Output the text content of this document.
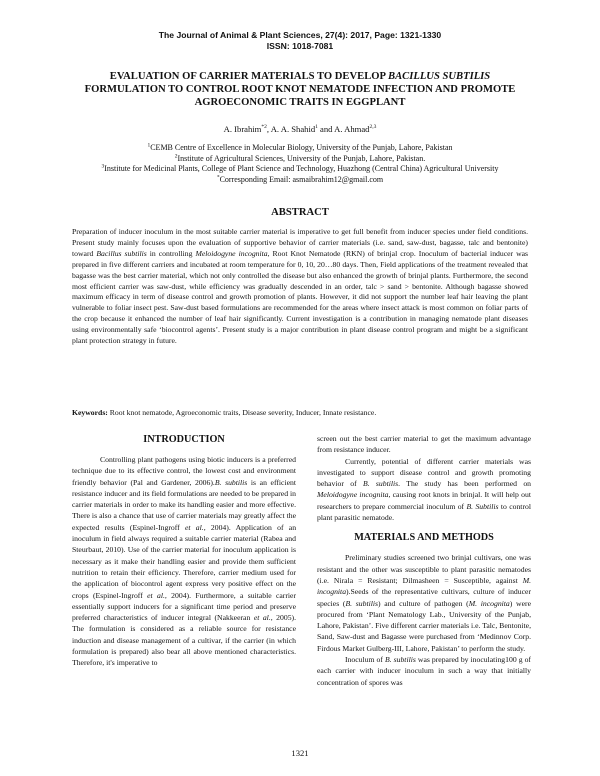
The Journal of Animal & Plant Sciences, 27(4): 2017, Page: 1321-1330
ISSN: 1018-7081
EVALUATION OF CARRIER MATERIALS TO DEVELOP BACILLUS SUBTILIS
FORMULATION TO CONTROL ROOT KNOT NEMATODE INFECTION AND PROMOTE AGROECONOMIC TRAITS IN EGGPLANT
A. Ibrahim$^{*2}$, A. A. Shahid$^1$ and A. Ahmad$^{2,3}$
$^1$CEMB Centre of Excellence in Molecular Biology, University of the Punjab, Lahore, Pakistan
$^2$Institute of Agricultural Sciences, University of the Punjab, Lahore, Pakistan.
$^3$Institute for Medicinal Plants, College of Plant Science and Technology, Huazhong (Central China) Agricultural University
*Corresponding Email: asmaibrahim12@gmail.com
ABSTRACT
Preparation of inducer inoculum in the most suitable carrier material is imperative to get full benefit from inducer species under field conditions. Present study mainly focuses upon the evaluation of supportive behavior of carrier materials (i.e. sand, saw-dust, bagasse, talc and bentonite) toward Bacillus subtilis in controlling Meloidogyne incognita, Root Knot Nematode (RKN) of brinjal crop. Inoculum of bacterial inducer was prepared in five different carriers and incubated at room temperature for 0, 10, 20…80 days. Then, Field applications of the treatment revealed that bagasse was the best carrier material, which not only controlled the disease but also enhanced the growth of brinjal plants. Furthermore, the second most efficient carrier was saw-dust, while efficiency was gradually descended in an order, talc > sand > bentonite. Although bagasse showed maximum efficacy in term of disease control and growth promotion of plants. However, it did not support the number leaf hair leaving the plant vulnerable to foliar insect pest. Saw-dust based formulations are recommended for the areas where insect attack is most common on foliar parts of the crop because it enhanced the number of leaf hair significantly. Current investigation is a contribution in managing nematode plant diseases using environmentally safe ‘biocontrol agents’. Present study is a major contribution in plant disease control program and might be a significant plant protection strategy in future.
Keywords: Root knot nematode, Agroeconomic traits, Disease severity, Inducer, Innate resistance.
INTRODUCTION

Controlling plant pathogens using biotic inducers is a preferred technique due to its effective control, the lowest cost and environment friendly behavior (Pal and Gardener, 2006).B. subtilis is an efficient resistance inducer and its field formulations are needed to be prepared in carrier materials in order to make its handling easier and more effective. There is also a chance that use of carrier materials may greatly affect the expected results (Espinel-Ingroff et al., 2004). Application of an inoculum in field always required a suitable carrier material (Rabea and Steurbaut, 2010). Use of the carrier material for inoculum application is necessary as it make their handling easier and provide them sufficient nutrition to retain their efficiency. Therefore, carrier medium used for the application of biocontrol agent express very positive effect on the crops (Espinel-Ingroff et al., 2004). Furthermore, a suitable carrier essentially support inducers for a significant time period and preserve preferred characteristics of inducer integral (Nakkeeran et al., 2005). The formulation is considered as a reliable source for resistance induction and disease management of a cultivar, if the carrier (in which formulation is prepared) also bear all above mentioned characteristics. Therefore, it's imperative to

screen out the best carrier material to get the maximum advantage from resistance inducer.

Currently, potential of different carrier materials was investigated to support disease control and growth promoting behavior of B. subtilis. The study has been performed on Meloidogyne incognita, causing root knots in brinjal. It will help out researchers to prepare commercial inoculum of B. Subtilis to control plant parasitic nematode.

MATERIALS AND METHODS

Preliminary studies screened two brinjal cultivars, one was resistant and the other was susceptible to plant parasitic nematodes (i.e. Nirala = Resistant; Dilmasheen = Susceptible, against M. incognita).Seeds of the representative cultivars, culture of inducer species (B. subtilis) and culture of pathogen (M. incognita) were procured from ‘Plant Nematology Lab., University of the Punjab, Lahore, Pakistan’. Five different carrier materials i.e. Talc, Bentonite, Sand, Saw-dust and Bagasse were purchased from ‘Medinnov Corp. Firdous Market Gulberg-III, Lahore, Pakistan’ to perform the study.

Inoculum of B. subtilis was prepared by inoculating100 g of each carrier with inducer inoculum in such a way that initially concentration of spores was

1321
